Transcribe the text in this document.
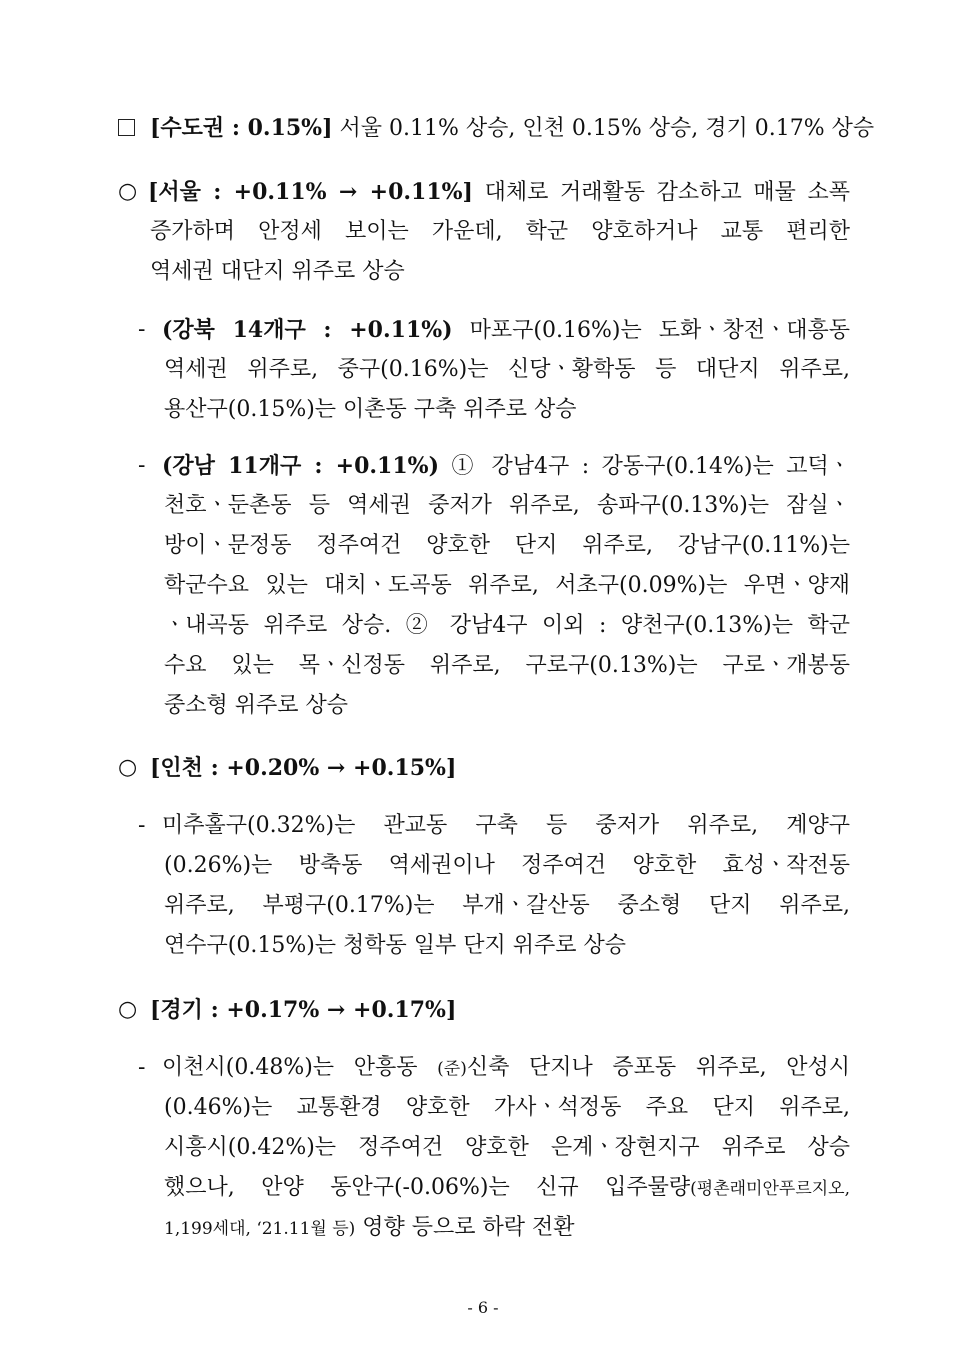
[수도권 : 0.15%] 서울 0.11% 상승, 인천 0.15% 상승, 경기 0.17% 상승
○ [서울 : +0.11% → +0.11%] 대체로 거래활동 감소하고 매물 소폭
증가하며 안정세 보이는 가운데, 학군 양호하거나 교통 편리한
역세권 대단지 위주로 상승
- (강북 14개구 : +0.11%) 마포구(0.16%)는 도화ㆍ창전ㆍ대흥동
역세권 위주로, 중구(0.16%)는 신당ㆍ황학동 등 대단지 위주로,
용산구(0.15%)는 이촌동 구축 위주로 상승
- (강남 11개구 : +0.11%) ① 강남4구 : 강동구(0.14%)는 고덕ㆍ
천호ㆍ둔촌동 등 역세권 중저가 위주로, 송파구(0.13%)는 잠실ㆍ
방이ㆍ문정동 정주여건 양호한 단지 위주로, 강남구(0.11%)는
학군수요 있는 대치ㆍ도곡동 위주로, 서초구(0.09%)는 우면ㆍ양재
ㆍ내곡동 위주로 상승. ② 강남4구 이외 : 양천구(0.13%)는 학군
수요 있는 목ㆍ신정동 위주로, 구로구(0.13%)는 구로ㆍ개봉동
중소형 위주로 상승
○ [인천 : +0.20% → +0.15%]
- 미추홀구(0.32%)는 관교동 구축 등 중저가 위주로, 계양구
(0.26%)는 방축동 역세권이나 정주여건 양호한 효성ㆍ작전동
위주로, 부평구(0.17%)는 부개ㆍ갈산동 중소형 단지 위주로,
연수구(0.15%)는 청학동 일부 단지 위주로 상승
○ [경기 : +0.17% → +0.17%]
- 이천시(0.48%)는 안흥동 (준)신축 단지나 증포동 위주로, 안성시
(0.46%)는 교통환경 양호한 가사ㆍ석정동 주요 단지 위주로,
시흥시(0.42%)는 정주여건 양호한 은계ㆍ장현지구 위주로 상승
했으나, 안양 동안구(-0.06%)는 신규 입주물량(평촌래미안푸르지오,
1,199세대, ‘21.11월 등) 영향 등으로 하락 전환
- 6 -
